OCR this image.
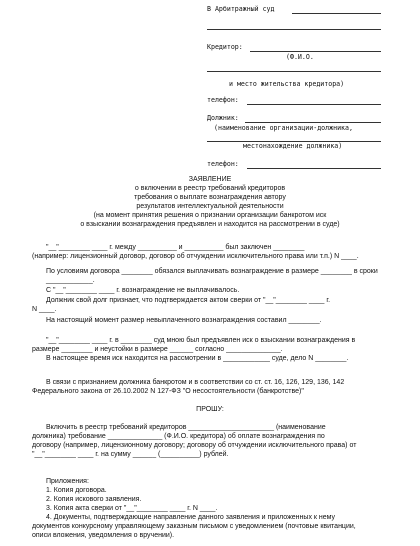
В Арбитражный суд
Кредитор:
(Ф.И.О.
и место жительства кредитора)
телефон:
Должник:
(наименование организации-должника,
местонахождение должника)
телефон:
ЗАЯВЛЕНИЕ
о включении в реестр требований кредиторов
требования о выплате вознаграждения автору
результатов интеллектуальной деятельности
(на момент принятия решения о признании организации банкротом иск
о взыскании вознаграждения предъявлен и находится на рассмотрении в суде)
"__"________ ____ г. между __________ и __________ был заключен ________
(например: лицензионный договор, договор об отчуждении исключительного права или т.п.) N ____.
По условиям договора ________ обязался выплачивать вознаграждение в размере ________ в сроки ____________.
С "__"________ ____ г. вознаграждение не выплачивалось.
Должник свой долг признает, что подтверждается актом сверки от "__"________ ____ г.
N ____.
На настоящий момент размер невыплаченного вознаграждения составил ________.
"__"________ ____ г. в ________ суд мною был предъявлен иск о взыскании вознаграждения в
размере ________ и неустойки в размере ______ согласно ______________.
В настоящее время иск находится на рассмотрении в ____________ суде, дело N ________.
В связи с признанием должника банкротом и в соответствии со ст. ст. 16, 126, 129, 136, 142
Федерального закона от 26.10.2002 N 127-ФЗ "О несостоятельности (банкротстве)"
ПРОШУ:
Включить в реестр требований кредиторов ______________________ (наименование
должника) требование ______________ (Ф.И.О. кредитора) об оплате вознаграждения по
договору (например, лицензионному договору; договору об отчуждении исключительного права) от
"__"________ ____ г. на сумму ______ (__________) рублей.
Приложения:
1. Копия договора.
2. Копия искового заявления.
3. Копия акта сверки от "__"________ ____ г. N ____.
4. Документы, подтверждающие направление данного заявления и приложенных к нему
документов конкурсному управляющему заказным письмом с уведомлением (почтовые квитанции,
описи вложения, уведомления о вручении).
